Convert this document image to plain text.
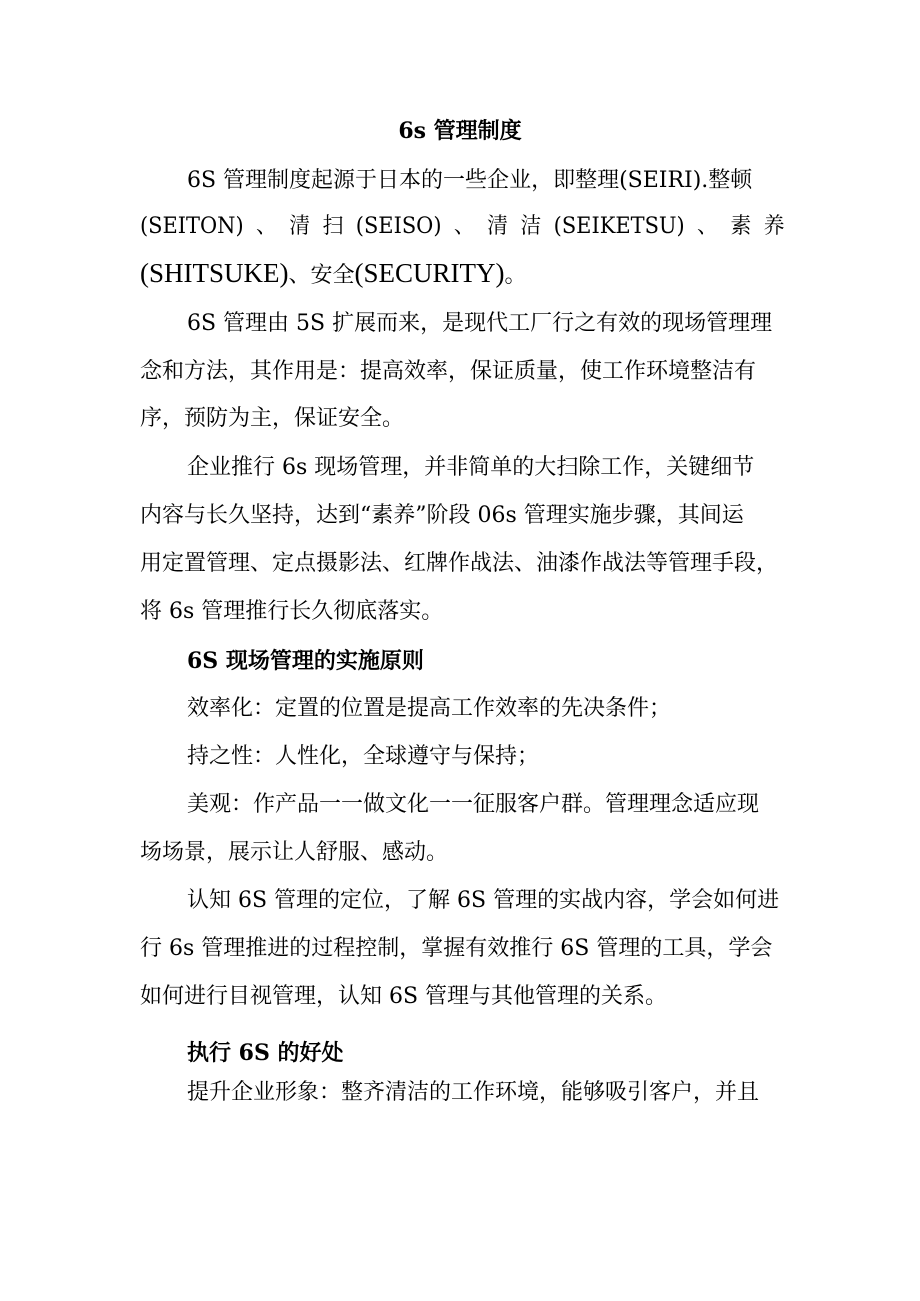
6s 管理制度
6S 管理制度起源于日本的一些企业，即整理(SEIRI).整顿
(SEITON) 、 清 扫 (SEISO) 、 清 洁 (SEIKETSU) 、 素 养
(SHITSUKE)、安全(SECURITY)。
6S 管理由 5S 扩展而来，是现代工厂行之有效的现场管理理
念和方法，其作用是：提高效率，保证质量，使工作环境整洁有
序，预防为主，保证安全。
企业推行 6s 现场管理，并非简单的大扫除工作，关键细节
内容与长久坚持，达到“素养”阶段 06s 管理实施步骤，其间运
用定置管理、定点摄影法、红牌作战法、油漆作战法等管理手段，
将 6s 管理推行长久彻底落实。
6S 现场管理的实施原则
效率化：定置的位置是提高工作效率的先决条件；
持之性：人性化，全球遵守与保持；
美观：作产品一一做文化一一征服客户群。管理理念适应现
场场景，展示让人舒服、感动。
认知 6S 管理的定位，了解 6S 管理的实战内容，学会如何进
行 6s 管理推进的过程控制，掌握有效推行 6S 管理的工具，学会
如何进行目视管理，认知 6S 管理与其他管理的关系。
执行 6S 的好处
提升企业形象：整齐清洁的工作环境，能够吸引客户，并且
